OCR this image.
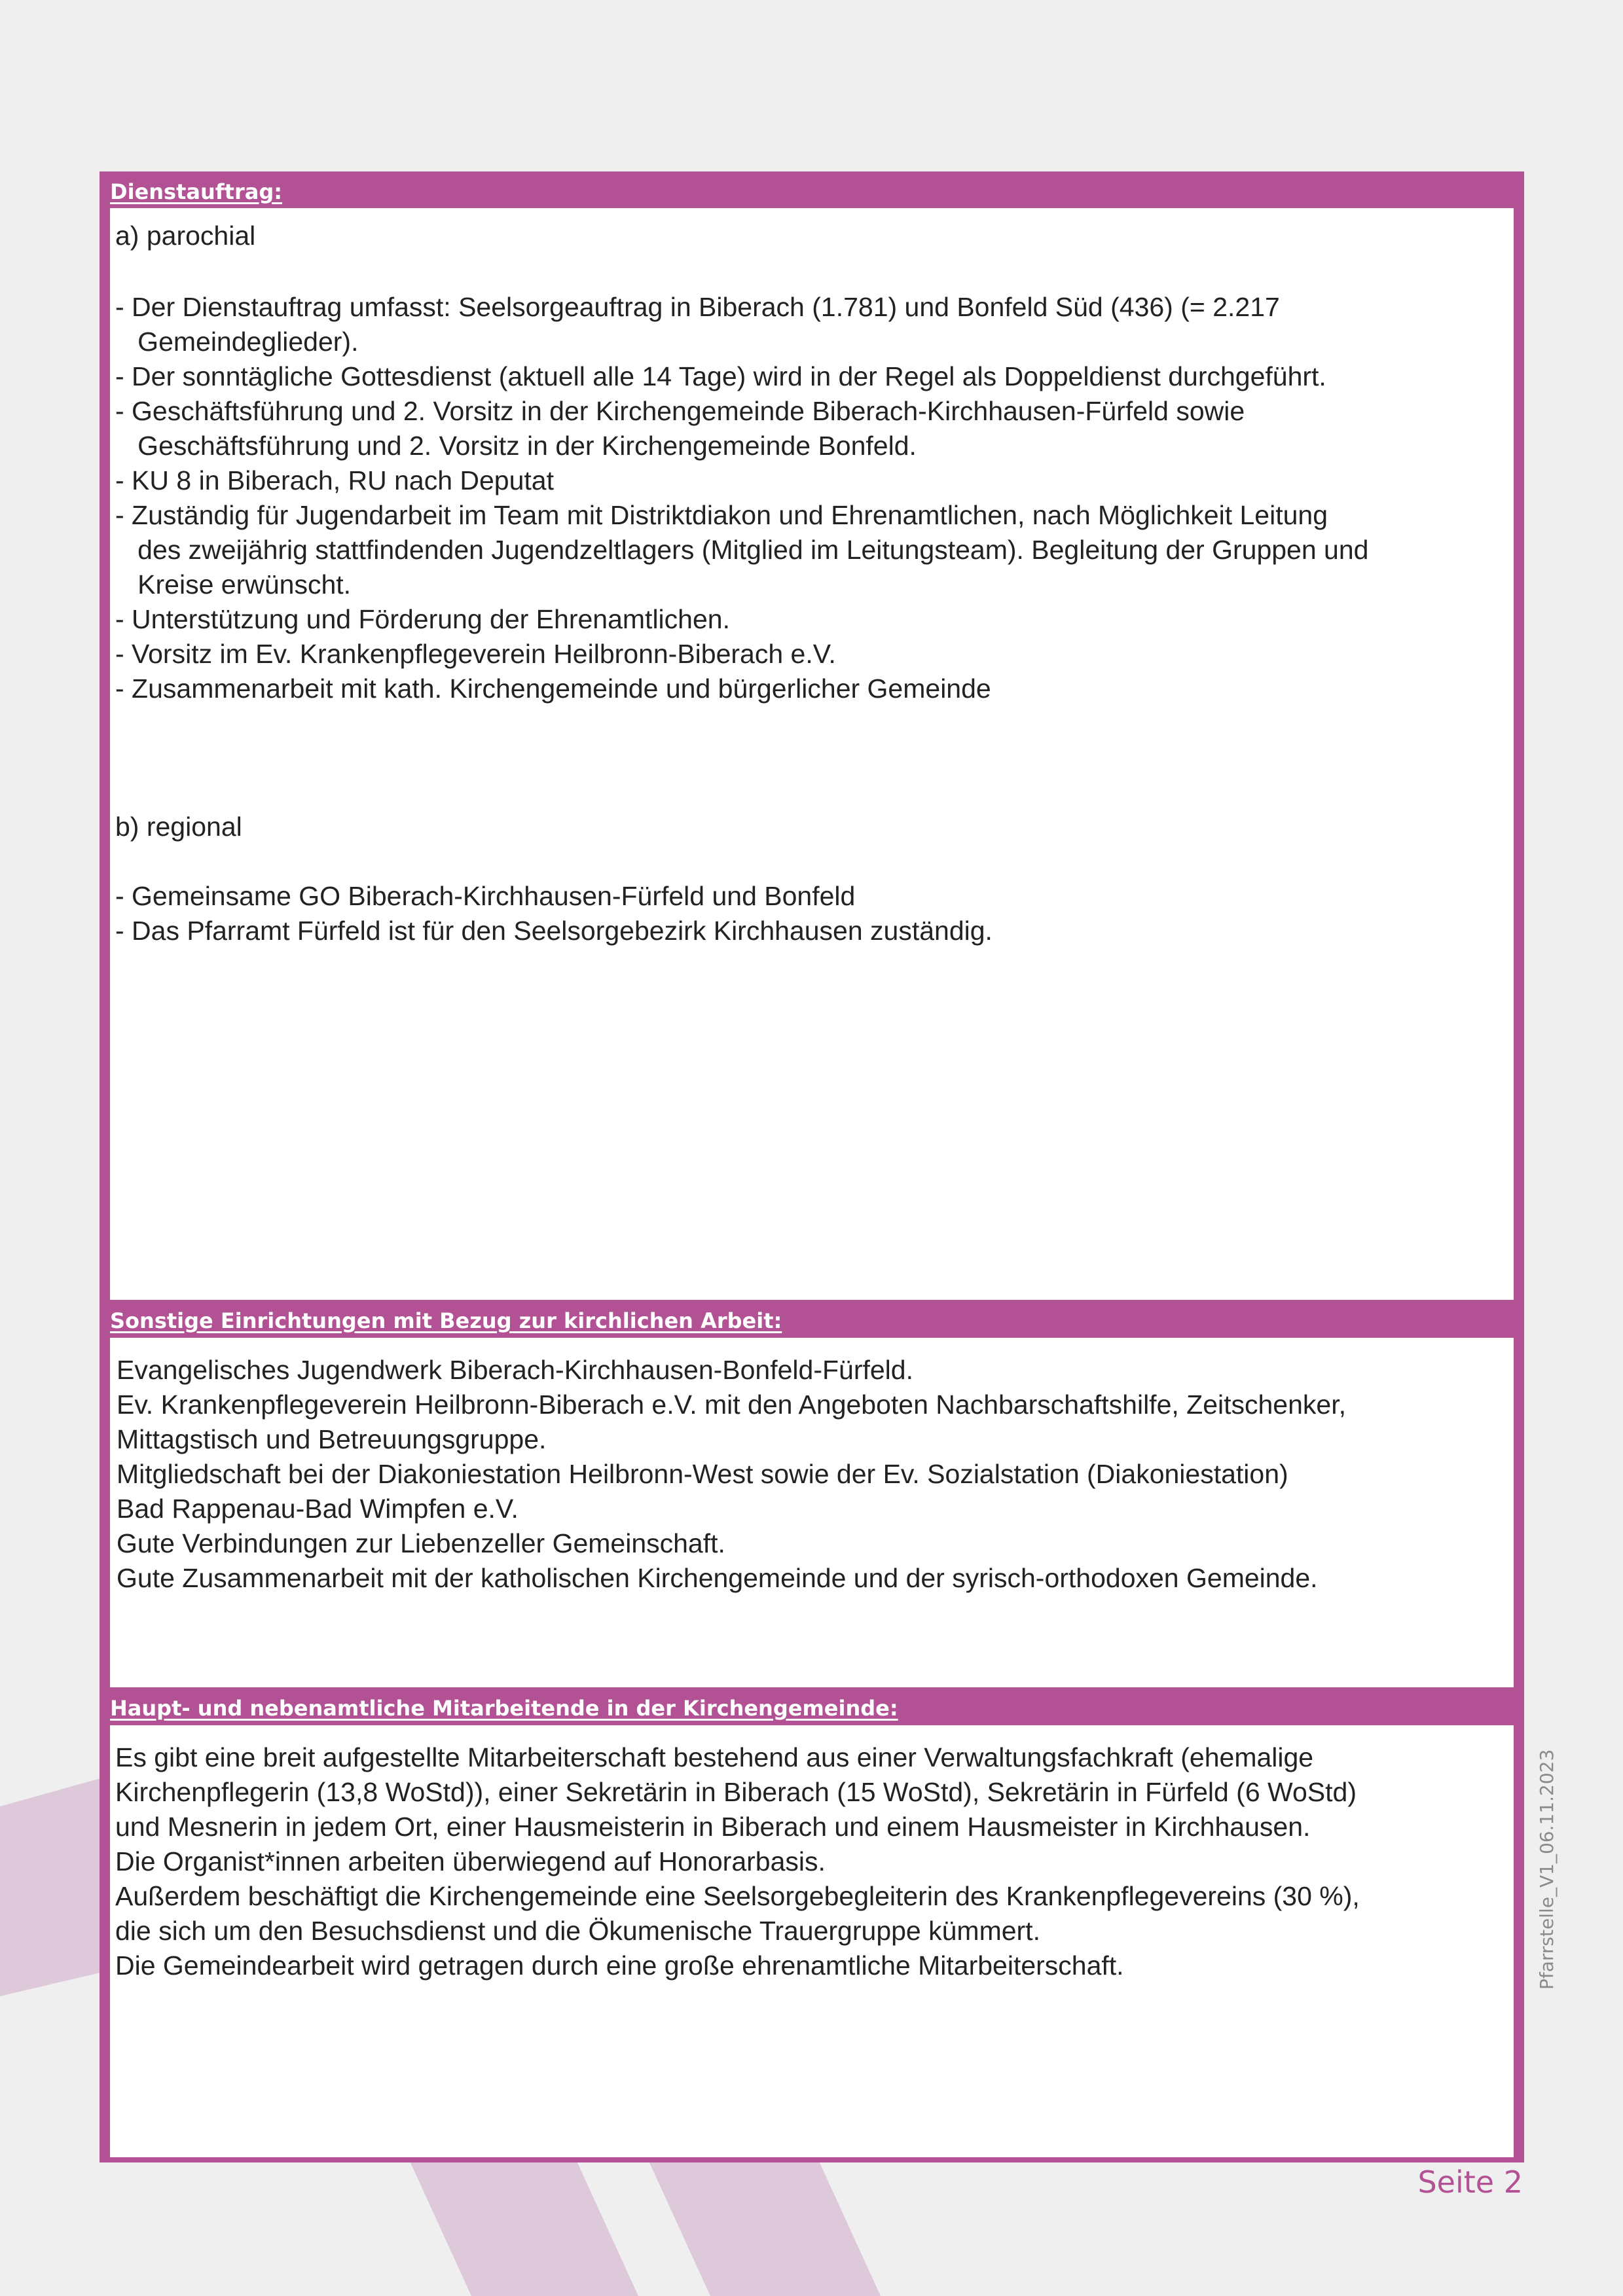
Dienstauftrag:
a) parochial
- Der Dienstauftrag umfasst: Seelsorgeauftrag in Biberach (1.781) und Bonfeld Süd (436) (= 2.217
Gemeindeglieder).
- Der sonntägliche Gottesdienst (aktuell alle 14 Tage) wird in der Regel als Doppeldienst durchgeführt.
- Geschäftsführung und 2. Vorsitz in der Kirchengemeinde Biberach-Kirchhausen-Fürfeld sowie
Geschäftsführung und 2. Vorsitz in der Kirchengemeinde Bonfeld.
- KU 8 in Biberach, RU nach Deputat
- Zuständig für Jugendarbeit im Team mit Distriktdiakon und Ehrenamtlichen, nach Möglichkeit Leitung
des zweijährig stattfindenden Jugendzeltlagers (Mitglied im Leitungsteam). Begleitung der Gruppen und
Kreise erwünscht.
- Unterstützung und Förderung der Ehrenamtlichen.
- Vorsitz im Ev. Krankenpflegeverein Heilbronn-Biberach e.V.
- Zusammenarbeit mit kath. Kirchengemeinde und bürgerlicher Gemeinde
b) regional
- Gemeinsame GO Biberach-Kirchhausen-Fürfeld und Bonfeld
- Das Pfarramt Fürfeld ist für den Seelsorgebezirk Kirchhausen zuständig.
Sonstige Einrichtungen mit Bezug zur kirchlichen Arbeit:
Evangelisches Jugendwerk Biberach-Kirchhausen-Bonfeld-Fürfeld.
Ev. Krankenpflegeverein Heilbronn-Biberach e.V. mit den Angeboten Nachbarschaftshilfe, Zeitschenker,
Mittagstisch und Betreuungsgruppe.
Mitgliedschaft bei der Diakoniestation Heilbronn-West sowie der Ev. Sozialstation (Diakoniestation)
Bad Rappenau-Bad Wimpfen e.V.
Gute Verbindungen zur Liebenzeller Gemeinschaft.
Gute Zusammenarbeit mit der katholischen Kirchengemeinde und der syrisch-orthodoxen Gemeinde.
Haupt- und nebenamtliche Mitarbeitende in der Kirchengemeinde:
Es gibt eine breit aufgestellte Mitarbeiterschaft bestehend aus einer Verwaltungsfachkraft (ehemalige
Kirchenpflegerin (13,8 WoStd)), einer Sekretärin in Biberach (15 WoStd), Sekretärin in Fürfeld (6 WoStd)
und Mesnerin in jedem Ort, einer Hausmeisterin in Biberach und einem Hausmeister in Kirchhausen.
Die Organist*innen arbeiten überwiegend auf Honorarbasis.
Außerdem beschäftigt die Kirchengemeinde eine Seelsorgebegleiterin des Krankenpflegevereins (30 %),
die sich um den Besuchsdienst und die Ökumenische Trauergruppe kümmert.
Die Gemeindearbeit wird getragen durch eine große ehrenamtliche Mitarbeiterschaft.
Seite 2
Pfarrstelle_V1_06.11.2023
